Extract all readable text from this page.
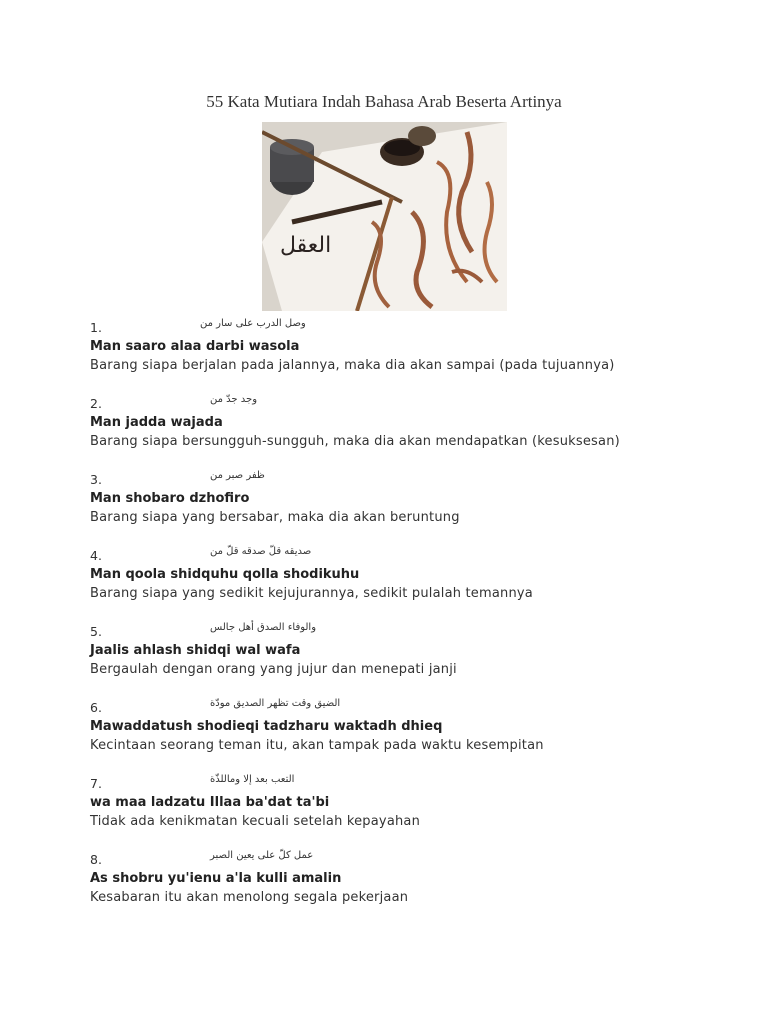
55 Kata Mutiara Indah Bahasa Arab Beserta Artinya
العقل
1.	وصل الدرب على سار من
Man saaro alaa darbi wasola
Barang siapa berjalan pada jalannya, maka dia akan sampai (pada tujuannya)
2.	وجد جدّ من
Man jadda wajada
Barang siapa bersungguh-sungguh, maka dia akan mendapatkan (kesuksesan)
3.	ظفر صبر من
Man shobaro dzhofiro
Barang siapa yang bersabar, maka dia akan beruntung
4.	صديقه قلّ صدقه قلّ من
Man qoola shidquhu qolla shodikuhu
Barang siapa yang sedikit kejujurannya, sedikit pulalah temannya
5.	والوفاء الصدق أهل جالس
Jaalis ahlash shidqi wal wafa
Bergaulah dengan orang yang jujur dan menepati janji
6.	الضيق وقت تظهر الصديق مودّة
Mawaddatush shodieqi tadzharu waktadh dhieq
Kecintaan seorang teman itu, akan tampak pada waktu kesempitan
7.	التعب بعد إلا وماللذّة
wa maa ladzatu Illaa ba'dat ta'bi
Tidak ada kenikmatan kecuali setelah kepayahan
8.	عمل كلّ على يعين الصبر
As shobru yu'ienu a'la kulli amalin
Kesabaran itu akan menolong segala pekerjaan
